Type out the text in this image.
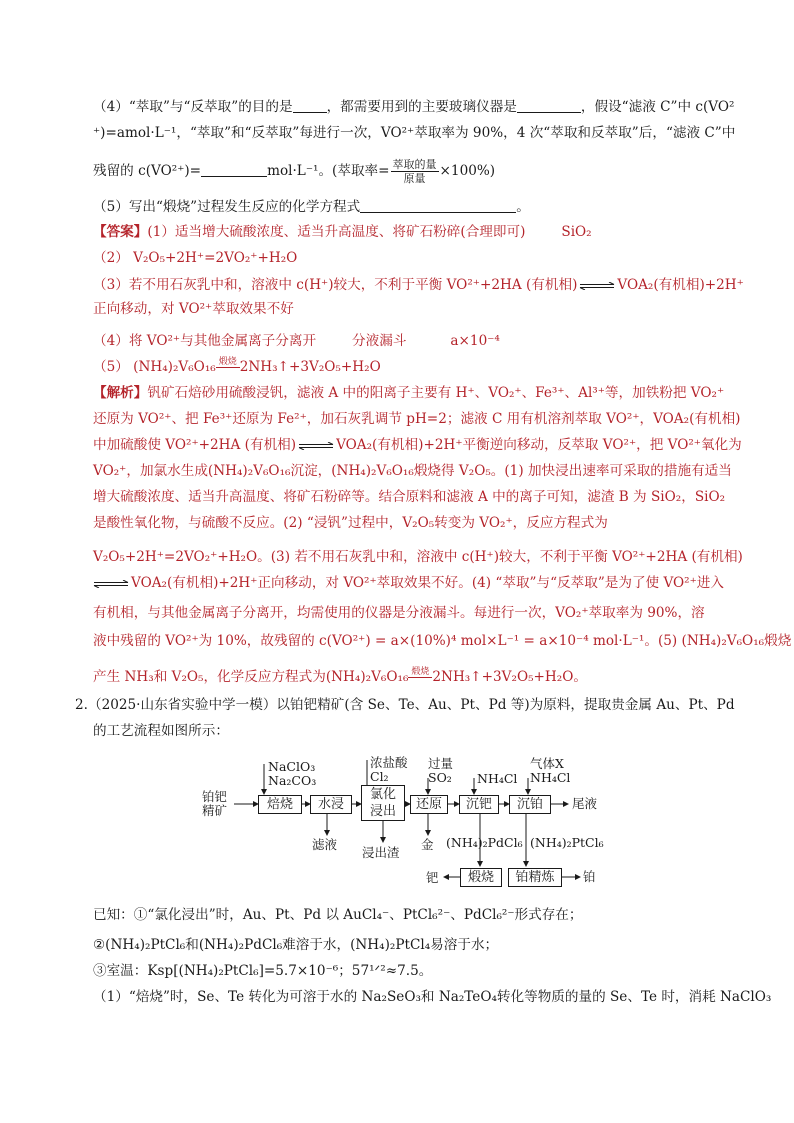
（4）“萃取”与“反萃取”的目的是	，都需要用到的主要玻璃仪器是	，假设“滤液 C”中 c(VO²
⁺)=amol·L⁻¹，“萃取”和“反萃取”每进行一次，VO²⁺萃取率为 90%，4 次“萃取和反萃取”后，“滤液 C”中
残留的 c(VO²⁺)=	mol·L⁻¹。(萃取率= $\frac{\text{萃取的量}}{\text{原量}} \times 100\%$)
（5）写出“煅烧”过程发生反应的化学方程式	。
【答案】(1）适当增大硫酸浓度、适当升高温度、将矿石粉碎(合理即可)	SiO₂
（2） V₂O₅+2H⁺=2VO₂⁺+H₂O
（3）若不用石灰乳中和，溶液中 c(H⁺)较大，不利于平衡 VO²⁺+2HA (有机相) ⇌ VOA₂(有机相)+2H⁺
正向移动，对 VO²⁺萃取效果不好
（4）将 VO²⁺与其他金属离子分离开	分液漏斗	a×10⁻⁴
（5） (NH₄)₂V₆O₁₆ 煅烧 2NH₃↑+3V₂O₅+H₂O
【解析】钒矿石焙砂用硫酸浸钒，滤液 A 中的阳离子主要有 H⁺、VO₂⁺、Fe³⁺、Al³⁺等，加铁粉把 VO₂⁺
还原为 VO²⁺、把 Fe³⁺还原为 Fe²⁺，加石灰乳调节 pH=2；滤液 C 用有机溶剂萃取 VO²⁺，VOA₂(有机相)
中加硫酸使 VO²⁺+2HA (有机相) ⇌ VOA₂(有机相)+2H⁺平衡逆向移动，反萃取 VO²⁺，把 VO²⁺氧化为
VO₂⁺，加氯水生成(NH₄)₂V₆O₁₆沉淀，(NH₄)₂V₆O₁₆煅烧得 V₂O₅。(1) 加快浸出速率可采取的措施有适当
增大硫酸浓度、适当升高温度、将矿石粉碎等。结合原料和滤液 A 中的离子可知，滤渣 B 为 SiO₂，SiO₂
是酸性氧化物，与硫酸不反应。(2) “浸钒”过程中，V₂O₅转变为 VO₂⁺，反应方程式为
V₂O₅+2H⁺=2VO₂⁺+H₂O。(3) 若不用石灰乳中和，溶液中 c(H⁺)较大，不利于平衡 VO²⁺+2HA (有机相)
⇌ VOA₂(有机相)+2H⁺正向移动，对 VO²⁺萃取效果不好。(4) “萃取”与“反萃取”是为了使 VO²⁺进入
有机相，与其他金属离子分离开，均需使用的仪器是分液漏斗。每进行一次，VO₂⁺萃取率为 90%，溶
液中残留的 VO²⁺为 10%，故残留的 c(VO²⁺) = a×(10%)⁴ mol×L⁻¹ = a×10⁻⁴ mol·L⁻¹。(5) (NH₄)₂V₆O₁₆煅烧
产生 NH₃和 V₂O₅，化学反应方程式为(NH₄)₂V₆O₁₆ 煅烧 2NH₃↑+3V₂O₅+H₂O。
2.（2025·山东省实验中学一模）以铂钯精矿(含 Se、Te、Au、Pt、Pd 等)为原料，提取贵金属 Au、Pt、Pd
的工艺流程如图所示：
铂钯
精矿	焙烧	水浸
氯化
浸出	还原	沉钯	沉铂
煅烧	铂精炼
NaClO₃
Na₂CO₃
浓盐酸
Cl₂
过量
SO₂ NH₄Cl
气体X
NH₄Cl
尾液
滤液
浸出渣
金 (NH₄)₂PdCl₆ (NH₄)₂PtCl₆
钯	铂
已知：①“氯化浸出”时，Au、Pt、Pd 以 AuCl₄⁻、PtCl₆²⁻、PdCl₆²⁻形式存在；
②(NH₄)₂PtCl₆和(NH₄)₂PdCl₆难溶于水，(NH₄)₂PtCl₄易溶于水；
③室温：Ksp[(NH₄)₂PtCl₆]=5.7×10⁻⁶；57¹ᐟ²≈7.5。
（1）“焙烧”时，Se、Te 转化为可溶于水的 Na₂SeO₃和 Na₂TeO₄转化等物质的量的 Se、Te 时，消耗 NaClO₃
